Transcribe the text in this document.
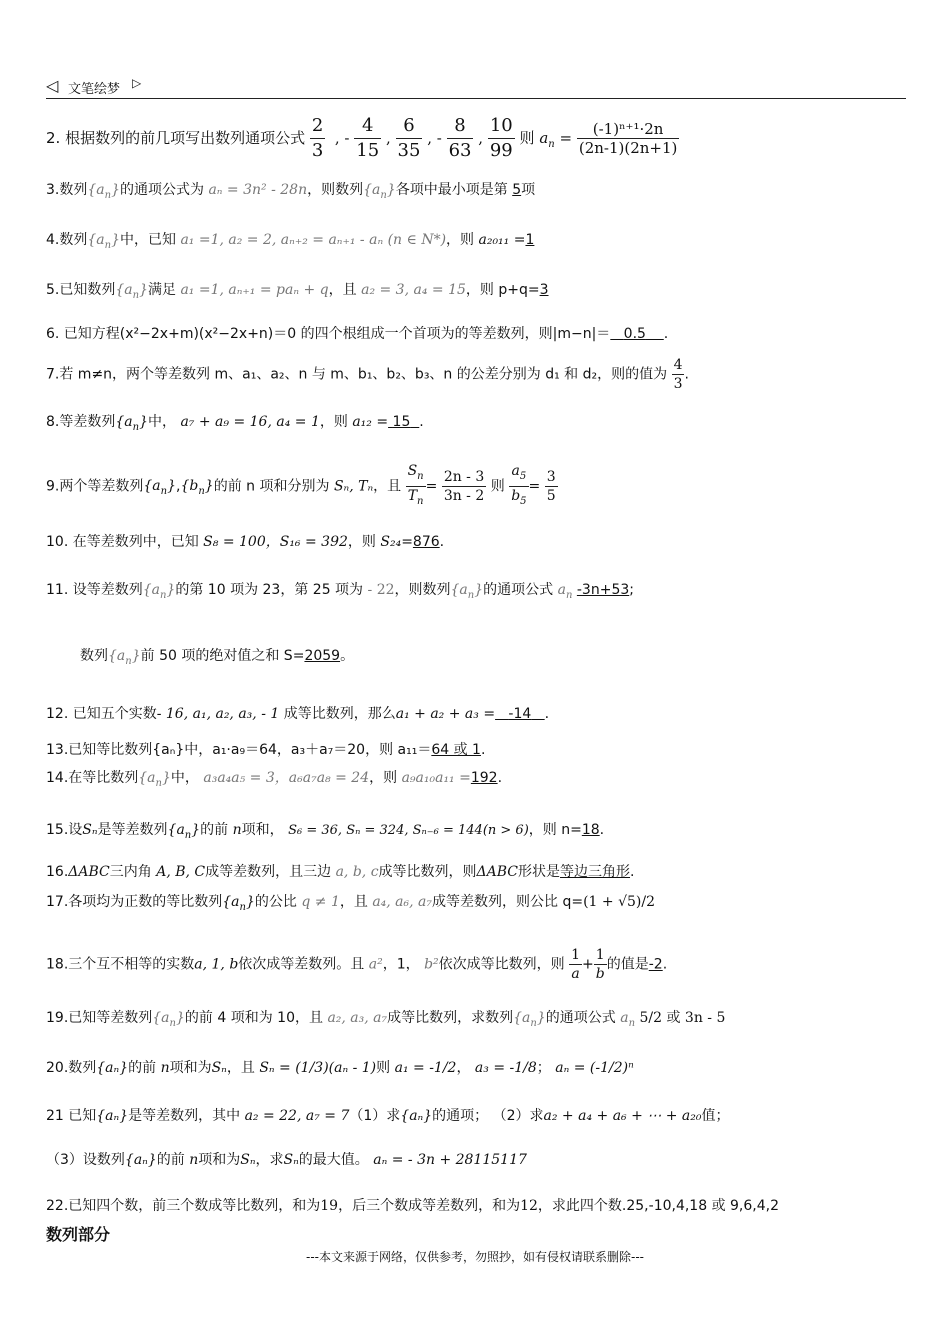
◁ 文笔绘梦 ▷
2. 根据数列的前几项写出数列通项公式 $\frac{2}{3}$ , - $\frac{4}{15}$ , $\frac{6}{35}$ , - $\frac{8}{63}$ , $\frac{10}{99}$ 则 $a_n = \frac{\text{(-1)ⁿ⁺¹·2n}}{(2n-1)(2n+1)}$
3.数列$\{a_n\}$的通项公式为 aₙ = 3n² - 28n，则数列$\{a_n\}$各项中最小项是第 5项
4.数列$\{a_n\}$中，已知 a₁ =1, a₂ = 2, aₙ₊₂ = aₙ₊₁ - aₙ (n ∈ N*)，则 a₂₀₁₁ =1
5.已知数列$\{a_n\}$满足 a₁ =1, aₙ₊₁ = paₙ + q，且 a₂ = 3, a₄ = 15，则 p+q=3
6. 已知方程(x²−2x+m)(x²−2x+n)＝0 的四个根组成一个首项为的等差数列，则|m−n|＝ 0.5 .
7.若 m≠n，两个等差数列 m、a₁、a₂、n 与 m、b₁、b₂、b₃、n 的公差分别为 d₁ 和 d₂，则的值为 $\frac{4}{3}$ .
8.等差数列$\{a_n\}$中， a₇ + a₉ = 16, a₄ = 1，则 a₁₂ = 15 .
9.两个等差数列$\{a_n\},\{b_n\}$的前 n 项和分别为 Sₙ, Tₙ，且 $\frac{S_n}{T_n} = \frac{2n - 3}{3n - 2}$ 则 $\frac{a_5}{b_5} = \frac{3}{5}$
10. 在等差数列中，已知 S₈ = 100，S₁₆ = 392，则 S₂₄=876.
11. 设等差数列$\{a_n\}$的第 10 项为 23，第 25 项为 - 22，则数列$\{a_n\}$的通项公式 $a_n$ -3n+53;
数列$\{a_n\}$前 50 项的绝对值之和 S=2059。
12. 已知五个实数- 16, a₁, a₂, a₃, - 1 成等比数列，那么a₁ + a₂ + a₃ = -14 .
13.已知等比数列{aₙ}中，a₁·a₉＝64，a₃＋a₇＝20，则 a₁₁＝64 或 1.
14.在等比数列$\{a_n\}$中， a₃a₄a₅ = 3，a₆a₇a₈ = 24，则 a₉a₁₀a₁₁ =192.
15.设Sₙ是等差数列$\{a_n\}$的前 n项和， S₆ = 36, Sₙ = 324, Sₙ₋₆ = 144(n > 6)，则 n=18.
16.ΔABC三内角 A, B, C成等差数列，且三边 a, b, c成等比数列，则ΔABC形状是等边三角形.
17.各项均为正数的等比数列$\{a_n\}$的公比 q ≠ 1，且 a₄, a₆, a₇成等差数列，则公比 q=(1 + √5)/2
18.三个互不相等的实数a, 1, b依次成等差数列。且 a²，1， b²依次成等比数列，则 $\frac{1}{a} + \frac{1}{b}$ 的值是-2.
19.已知等差数列$\{a_n\}$的前 4 项和为 10，且 a₂, a₃, a₇成等比数列，求数列$\{a_n\}$的通项公式 $a_n$ 5/2 或 3n - 5
20.数列{aₙ}的前 n项和为Sₙ，且 Sₙ = (1/3)(aₙ - 1)则 a₁ = -1/2， a₃ = -1/8； aₙ = (-1/2)ⁿ
21 已知{aₙ}是等差数列，其中 a₂ = 22, a₇ = 7（1）求{aₙ}的通项； （2）求a₂ + a₄ + a₆ + ⋯ + a₂₀值；
（3）设数列{aₙ}的前 n项和为Sₙ，求Sₙ的最大值。 aₙ = - 3n + 28115117
22.已知四个数，前三个数成等比数列，和为19，后三个数成等差数列，和为12，求此四个数.25,-10,4,18 或 9,6,4,2
数列部分
---本文来源于网络，仅供参考，勿照抄，如有侵权请联系删除---
